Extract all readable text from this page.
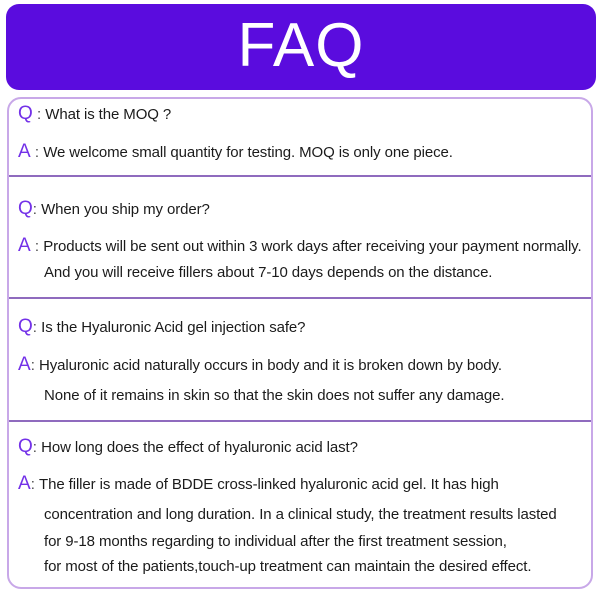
FAQ
Q : What is the MOQ ?
A : We welcome small quantity for testing. MOQ is only one piece.
Q: When you ship my order?
A : Products will be sent out within 3 work days after receiving your payment normally.
And you will receive fillers about 7-10 days depends on the distance.
Q: Is the Hyaluronic Acid gel injection safe?
A: Hyaluronic acid naturally occurs in body and it is broken down by body.
None of it remains in skin so that the skin does not suffer any damage.
Q: How long does the effect of hyaluronic acid last?
A: The filler is made of BDDE cross-linked hyaluronic acid gel. It has high
concentration and long duration. In a clinical study, the treatment results lasted
for 9-18 months regarding to individual after the first treatment session,
for most of the patients,touch-up treatment can maintain the desired effect.
